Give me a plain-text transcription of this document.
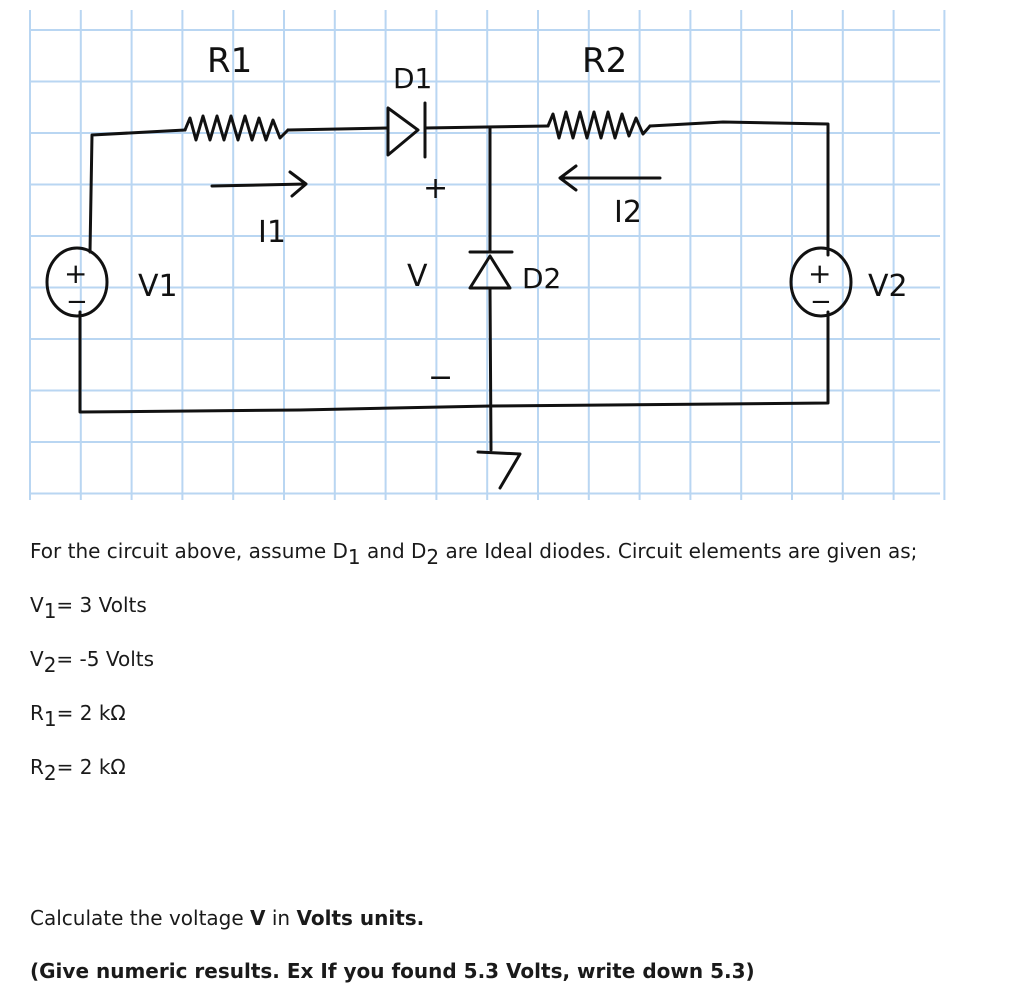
R1	D1	R2
I1
I2
V	D2
+
−
V1	V2
+
−
+
−
For the circuit above, assume D1 and D2 are Ideal diodes. Circuit elements are given as;
V1= 3 Volts
V2= -5 Volts
R1= 2 kΩ
R2= 2 kΩ
Calculate the voltage V in Volts units.
(Give numeric results. Ex If you found 5.3 Volts, write down 5.3)
